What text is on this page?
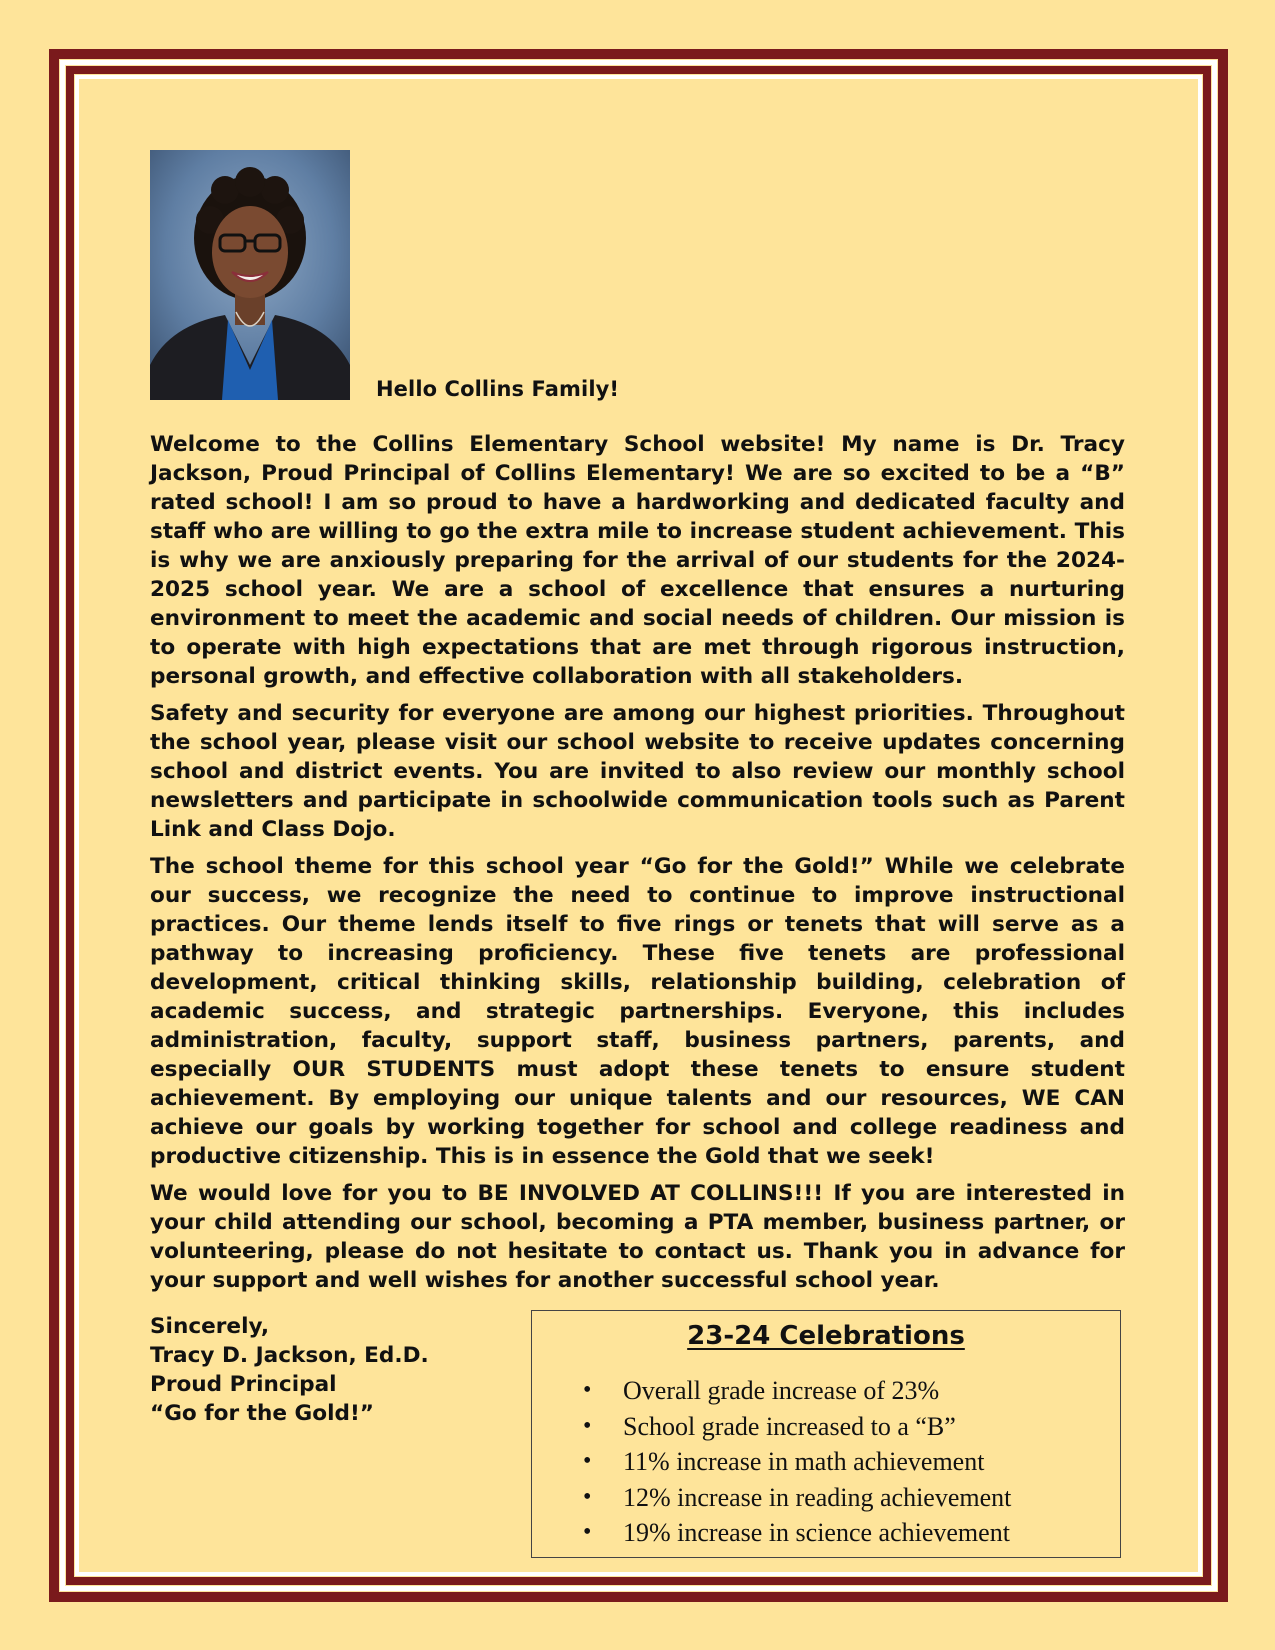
Hello Collins Family!

Welcome to the Collins Elementary School website! My name is Dr. Tracy Jackson, Proud Principal of Collins Elementary! We are so excited to be a “B” rated school! I am so proud to have a hardworking and dedicated faculty and staff who are willing to go the extra mile to increase student achievement. This is why we are anxiously preparing for the arrival of our students for the 2024-2025 school year. We are a school of excellence that ensures a nurturing environment to meet the academic and social needs of children. Our mission is to operate with high expectations that are met through rigorous instruction, personal growth, and effective collaboration with all stakeholders.

Safety and security for everyone are among our highest priorities. Throughout the school year, please visit our school website to receive updates concerning school and district events. You are invited to also review our monthly school newsletters and participate in schoolwide communication tools such as Parent Link and Class Dojo.

The school theme for this school year “Go for the Gold!” While we celebrate our success, we recognize the need to continue to improve instructional practices. Our theme lends itself to five rings or tenets that will serve as a pathway to increasing proficiency. These five tenets are professional development, critical thinking skills, relationship building, celebration of academic success, and strategic partnerships. Everyone, this includes administration, faculty, support staff, business partners, parents, and especially OUR STUDENTS must adopt these tenets to ensure student achievement. By employing our unique talents and our resources, WE CAN achieve our goals by working together for school and college readiness and productive citizenship. This is in essence the Gold that we seek!

We would love for you to BE INVOLVED AT COLLINS!!! If you are interested in your child attending our school, becoming a PTA member, business partner, or volunteering, please do not hesitate to contact us. Thank you in advance for your support and well wishes for another successful school year.

Sincerely,
Tracy D. Jackson, Ed.D.
Proud Principal
“Go for the Gold!”
23-24 Celebrations
• Overall grade increase of 23%
• School grade increased to a “B”
• 11% increase in math achievement
• 12% increase in reading achievement
• 19% increase in science achievement
